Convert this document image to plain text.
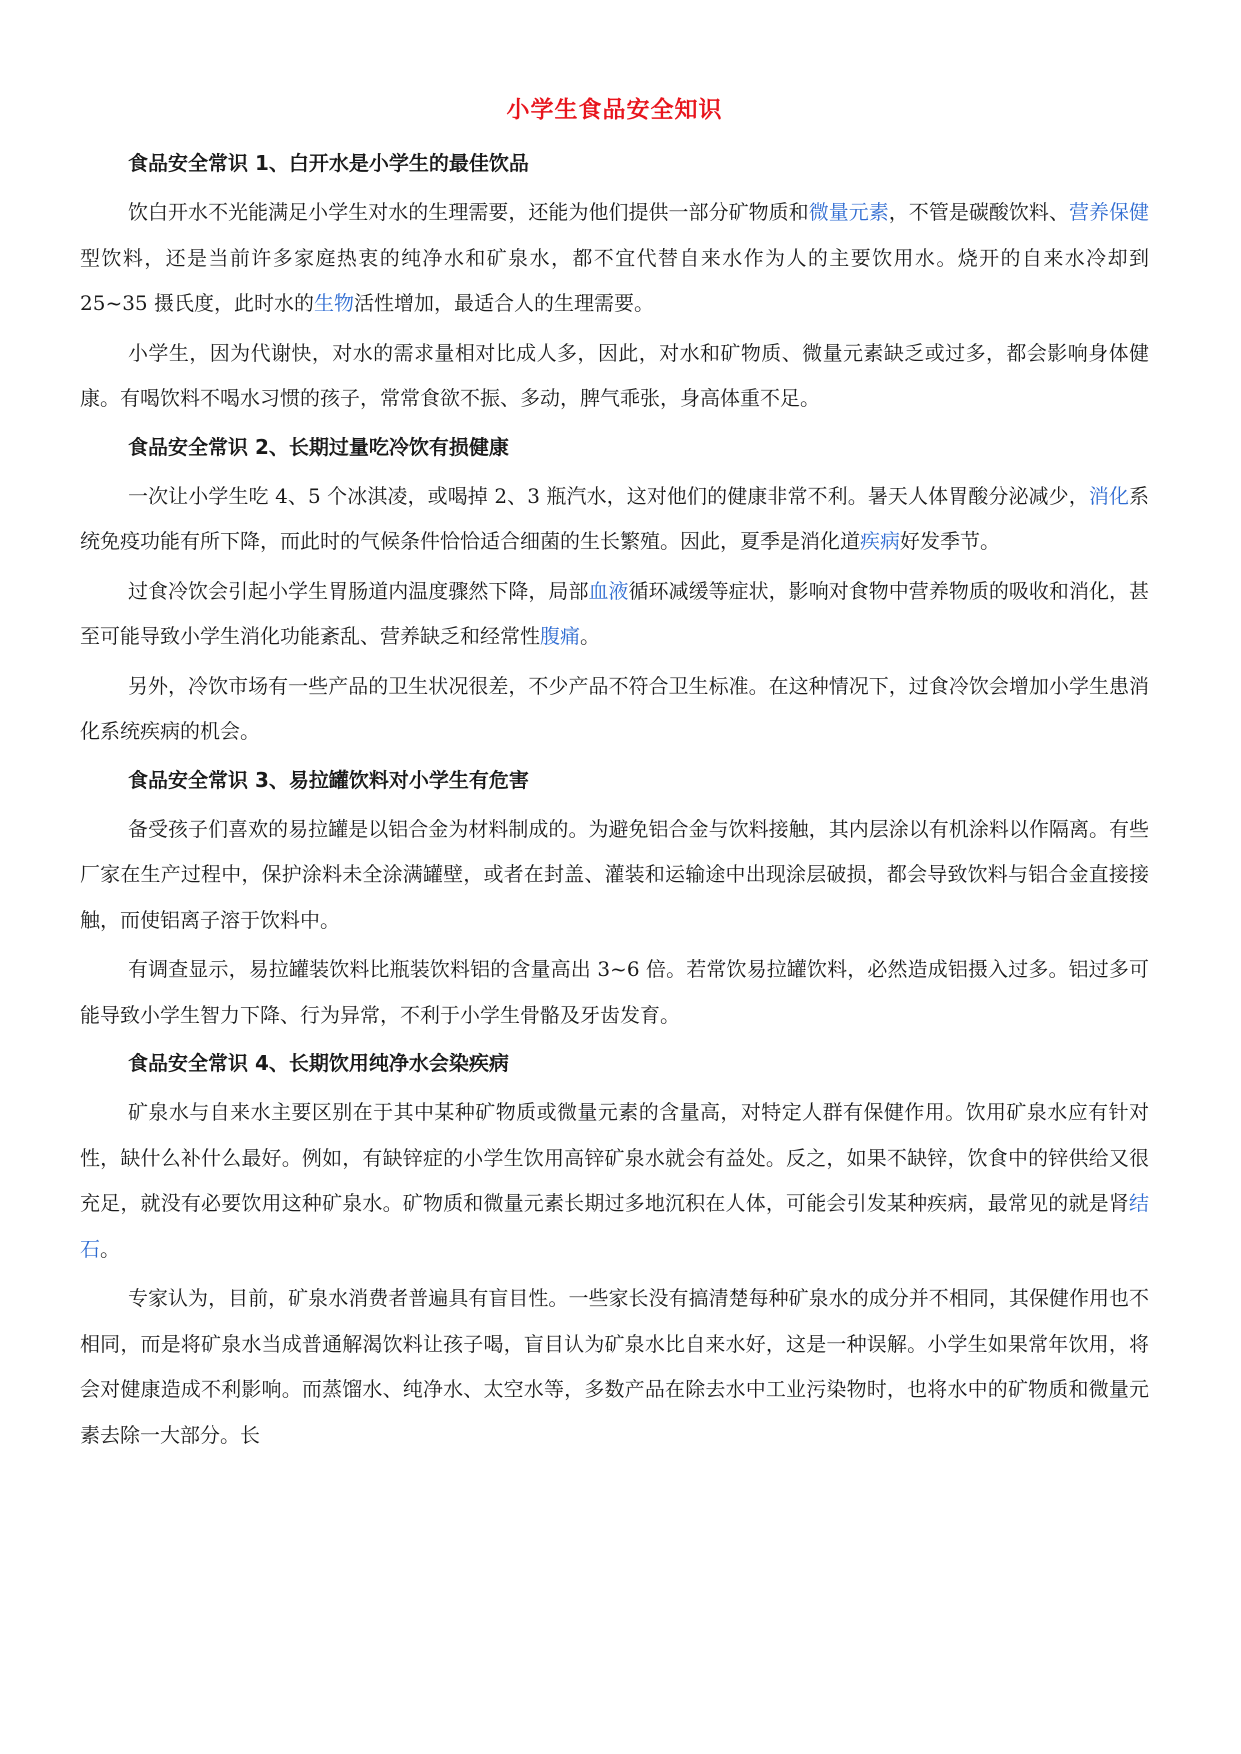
小学生食品安全知识
食品安全常识 1、白开水是小学生的最佳饮品

饮白开水不光能满足小学生对水的生理需要，还能为他们提供一部分矿物质和微量元素，不管是碳酸饮料、营养保健型饮料，还是当前许多家庭热衷的纯净水和矿泉水，都不宜代替自来水作为人的主要饮用水。烧开的自来水冷却到 25~35 摄氏度，此时水的生物活性增加，最适合人的生理需要。

小学生，因为代谢快，对水的需求量相对比成人多，因此，对水和矿物质、微量元素缺乏或过多，都会影响身体健康。有喝饮料不喝水习惯的孩子，常常食欲不振、多动，脾气乖张，身高体重不足。

食品安全常识 2、长期过量吃冷饮有损健康

一次让小学生吃 4、5 个冰淇凌，或喝掉 2、3 瓶汽水，这对他们的健康非常不利。暑天人体胃酸分泌减少，消化系统免疫功能有所下降，而此时的气候条件恰恰适合细菌的生长繁殖。因此，夏季是消化道疾病好发季节。

过食冷饮会引起小学生胃肠道内温度骤然下降，局部血液循环减缓等症状，影响对食物中营养物质的吸收和消化，甚至可能导致小学生消化功能紊乱、营养缺乏和经常性腹痛。

另外，冷饮市场有一些产品的卫生状况很差，不少产品不符合卫生标准。在这种情况下，过食冷饮会增加小学生患消化系统疾病的机会。

食品安全常识 3、易拉罐饮料对小学生有危害

备受孩子们喜欢的易拉罐是以铝合金为材料制成的。为避免铝合金与饮料接触，其内层涂以有机涂料以作隔离。有些厂家在生产过程中，保护涂料未全涂满罐壁，或者在封盖、灌装和运输途中出现涂层破损，都会导致饮料与铝合金直接接触，而使铝离子溶于饮料中。

有调查显示，易拉罐装饮料比瓶装饮料铝的含量高出 3~6 倍。若常饮易拉罐饮料，必然造成铝摄入过多。铝过多可能导致小学生智力下降、行为异常，不利于小学生骨骼及牙齿发育。

食品安全常识 4、长期饮用纯净水会染疾病

矿泉水与自来水主要区别在于其中某种矿物质或微量元素的含量高，对特定人群有保健作用。饮用矿泉水应有针对性，缺什么补什么最好。例如，有缺锌症的小学生饮用高锌矿泉水就会有益处。反之，如果不缺锌，饮食中的锌供给又很充足，就没有必要饮用这种矿泉水。矿物质和微量元素长期过多地沉积在人体，可能会引发某种疾病，最常见的就是肾结石。

专家认为，目前，矿泉水消费者普遍具有盲目性。一些家长没有搞清楚每种矿泉水的成分并不相同，其保健作用也不相同，而是将矿泉水当成普通解渴饮料让孩子喝，盲目认为矿泉水比自来水好，这是一种误解。小学生如果常年饮用，将会对健康造成不利影响。而蒸馏水、纯净水、太空水等，多数产品在除去水中工业污染物时，也将水中的矿物质和微量元素去除一大部分。长
